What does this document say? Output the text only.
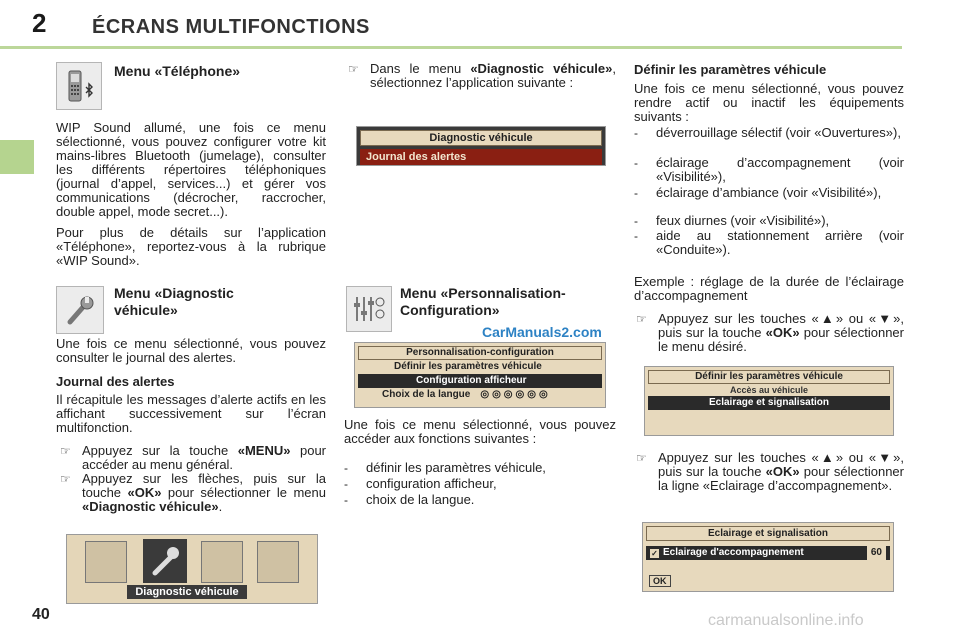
2 ÉCRANS MULTIFONCTIONS
Menu «Téléphone»
WIP Sound allumé, une fois ce menu sélectionné, vous pouvez configurer votre kit mains-libres Bluetooth (jumelage), consulter les différents répertoires téléphoniques (journal d’appel, services...) et gérer vos communications (décrocher, raccrocher, double appel, mode secret...).
Pour plus de détails sur l’application «Téléphone», reportez-vous à la rubrique «WIP Sound».
Menu «Diagnostic
véhicule»
Une fois ce menu sélectionné, vous pouvez consulter le journal des alertes.
Journal des alertes
Il récapitule les messages d’alerte actifs en les affichant successivement sur l’écran multifonction.
☞ Appuyez sur la touche «MENU» pour accéder au menu général.
☞ Appuyez sur les flèches, puis sur la touche «OK» pour sélectionner le menu «Diagnostic véhicule».
Diagnostic véhicule
☞ Dans le menu «Diagnostic véhicule», sélectionnez l’application suivante :
Diagnostic véhicule
Journal des alertes
Menu «Personnalisation-
Configuration»
CarManuals2.com
Personnalisation-configuration
Définir les paramètres véhicule
Configuration afficheur
Choix de la langue ◎◎◎◎◎◎
Une fois ce menu sélectionné, vous pouvez accéder aux fonctions suivantes :
-	définir les paramètres véhicule,
-	configuration afficheur,
-	choix de la langue.
Définir les paramètres véhicule
Une fois ce menu sélectionné, vous pouvez rendre actif ou inactif les équipements suivants :
-	déverrouillage sélectif (voir «Ouvertures»),
-	éclairage d’accompagnement (voir «Visibilité»),
-	éclairage d’ambiance (voir «Visibilité»),
-	feux diurnes (voir «Visibilité»),
-	aide au stationnement arrière (voir «Conduite»).
Exemple : réglage de la durée de l’éclairage d’accompagnement
☞ Appuyez sur les touches «▲» ou «▼», puis sur la touche «OK» pour sélectionner le menu désiré.
Définir les paramètres véhicule
Accès au véhicule
Eclairage et signalisation
☞ Appuyez sur les touches «▲» ou «▼», puis sur la touche «OK» pour sélectionner la ligne «Eclairage d’accompagnement».
Eclairage et signalisation
✓ Eclairage d'accompagnement	60
OK
40	carmanualsonline.info
